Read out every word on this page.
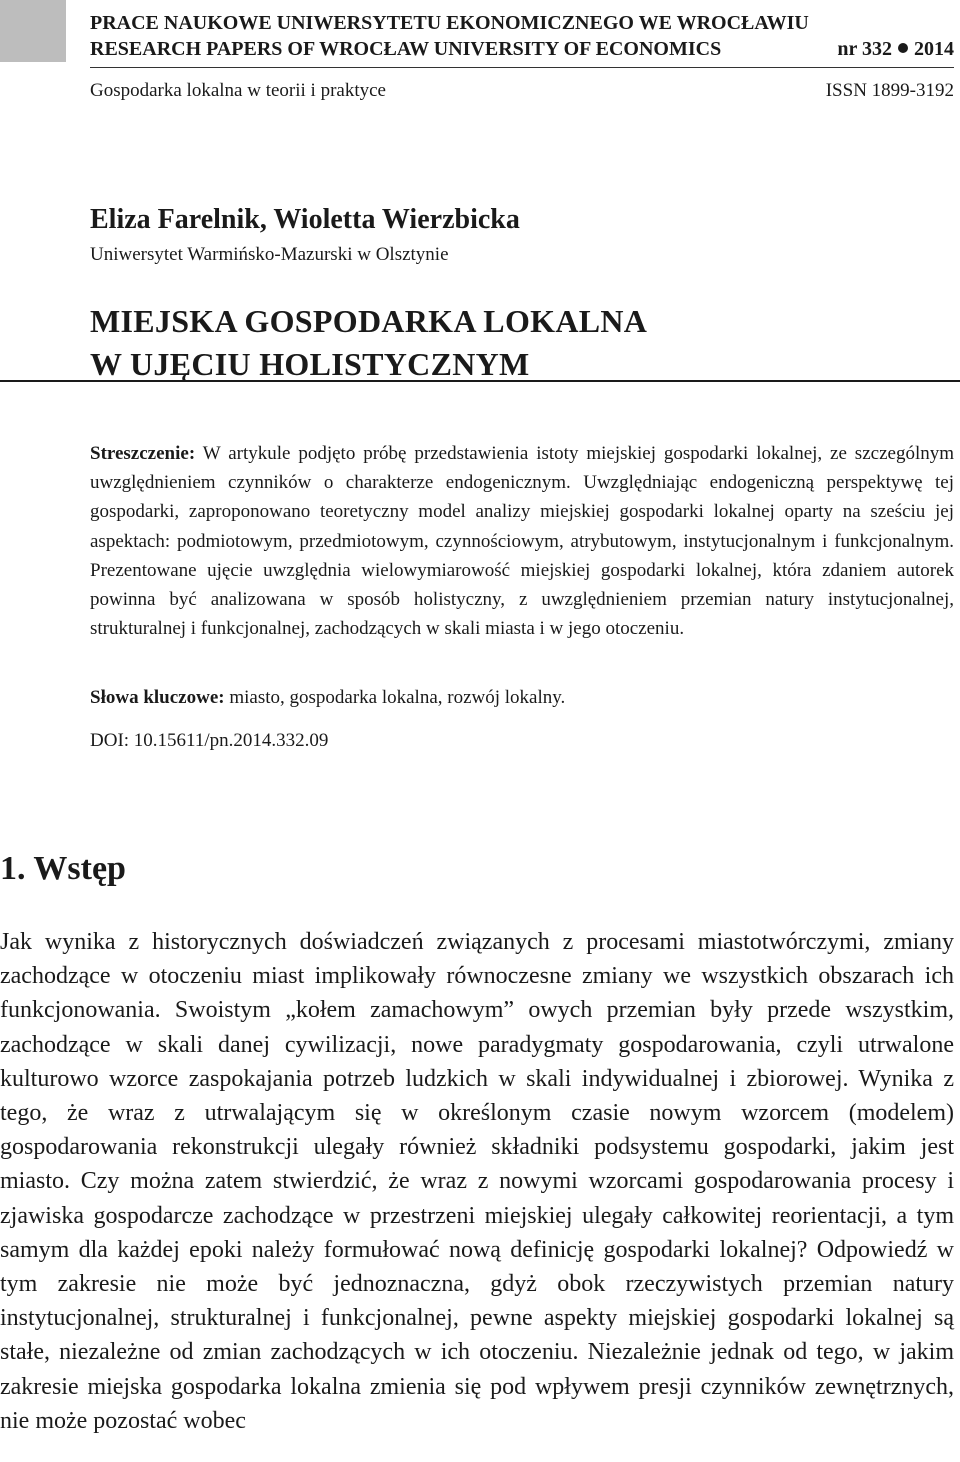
PRACE NAUKOWE UNIWERSYTETU EKONOMICZNEGO WE WROCŁAWIU
RESEARCH PAPERS OF WROCŁAW UNIVERSITY OF ECONOMICS	nr 332 2014
Gospodarka lokalna w teorii i praktyce	ISSN 1899-3192
Eliza Farelnik, Wioletta Wierzbicka
Uniwersytet Warmińsko-Mazurski w Olsztynie
MIEJSKA GOSPODARKA LOKALNA
W UJĘCIU HOLISTYCZNYM
Streszczenie: W artykule podjęto próbę przedstawienia istoty miejskiej gospodarki lokalnej, ze szczególnym uwzględnieniem czynników o charakterze endogenicznym. Uwzględniając endogeniczną perspektywę tej gospodarki, zaproponowano teoretyczny model analizy miejskiej gospodarki lokalnej oparty na sześciu jej aspektach: podmiotowym, przedmiotowym, czynnościowym, atrybutowym, instytucjonalnym i funkcjonalnym. Prezentowane ujęcie uwzględnia wielowymiarowość miejskiej gospodarki lokalnej, która zdaniem autorek powinna być analizowana w sposób holistyczny, z uwzględnieniem przemian natury instytucjonalnej, strukturalnej i funkcjonalnej, zachodzących w skali miasta i w jego otoczeniu.
Słowa kluczowe: miasto, gospodarka lokalna, rozwój lokalny.
DOI: 10.15611/pn.2014.332.09
1. Wstęp
Jak wynika z historycznych doświadczeń związanych z procesami miastotwórczymi, zmiany zachodzące w otoczeniu miast implikowały równoczesne zmiany we wszystkich obszarach ich funkcjonowania. Swoistym „kołem zamachowym” owych przemian były przede wszystkim, zachodzące w skali danej cywilizacji, nowe paradygmaty gospodarowania, czyli utrwalone kulturowo wzorce zaspokajania potrzeb ludzkich w skali indywidualnej i zbiorowej. Wynika z tego, że wraz z utrwalającym się w określonym czasie nowym wzorcem (modelem) gospodarowania rekonstrukcji ulegały również składniki podsystemu gospodarki, jakim jest miasto. Czy można zatem stwierdzić, że wraz z nowymi wzorcami gospodarowania procesy i zjawiska gospodarcze zachodzące w przestrzeni miejskiej ulegały całkowitej reorientacji, a tym samym dla każdej epoki należy formułować nową definicję gospodarki lokalnej? Odpowiedź w tym zakresie nie może być jednoznaczna, gdyż obok rzeczywistych przemian natury instytucjonalnej, strukturalnej i funkcjonalnej, pewne aspekty miejskiej gospodarki lokalnej są stałe, niezależne od zmian zachodzących w ich otoczeniu. Niezależnie jednak od tego, w jakim zakresie miejska gospodarka lokalna zmienia się pod wpływem presji czynników zewnętrznych, nie może pozostać wobec
